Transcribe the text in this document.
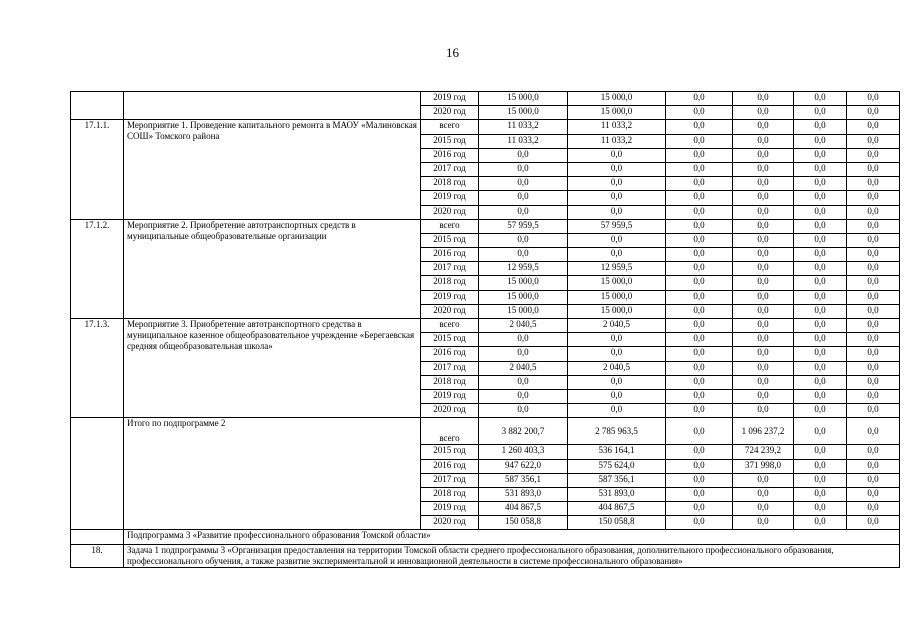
16
		2019 год	15 000,0	15 000,0	0,0	0,0	0,0	0,0
		2020 год	15 000,0	15 000,0	0,0	0,0	0,0	0,0
17.1.1.	Мероприятие 1. Проведение капитального ремонта в МАОУ «Малиновская СОШ» Томского района	всего	11 033,2	11 033,2	0,0	0,0	0,0	0,0
		2015 год	11 033,2	11 033,2	0,0	0,0	0,0	0,0
		2016 год	0,0	0,0	0,0	0,0	0,0	0,0
		2017 год	0,0	0,0	0,0	0,0	0,0	0,0
		2018 год	0,0	0,0	0,0	0,0	0,0	0,0
		2019 год	0,0	0,0	0,0	0,0	0,0	0,0
		2020 год	0,0	0,0	0,0	0,0	0,0	0,0
17.1.2.	Мероприятие 2. Приобретение автотранспортных средств в муниципальные общеобразовательные организации	всего	57 959,5	57 959,5	0,0	0,0	0,0	0,0
		2015 год	0,0	0,0	0,0	0,0	0,0	0,0
		2016 год	0,0	0,0	0,0	0,0	0,0	0,0
		2017 год	12 959,5	12 959,5	0,0	0,0	0,0	0,0
		2018 год	15 000,0	15 000,0	0,0	0,0	0,0	0,0
		2019 год	15 000,0	15 000,0	0,0	0,0	0,0	0,0
		2020 год	15 000,0	15 000,0	0,0	0,0	0,0	0,0
17.1.3.	Мероприятие 3. Приобретение автотранспортного средства в муниципальное казенное общеобразовательное учреждение «Берегаевская средняя общеобразовательная школа»	всего	2 040,5	2 040,5	0,0	0,0	0,0	0,0
		2015 год	0,0	0,0	0,0	0,0	0,0	0,0
		2016 год	0,0	0,0	0,0	0,0	0,0	0,0
		2017 год	2 040,5	2 040,5	0,0	0,0	0,0	0,0
		2018 год	0,0	0,0	0,0	0,0	0,0	0,0
		2019 год	0,0	0,0	0,0	0,0	0,0	0,0
		2020 год	0,0	0,0	0,0	0,0	0,0	0,0
	Итого по подпрограмме 2	всего	3 882 200,7	2 785 963,5	0,0	1 096 237,2	0,0	0,0
		2015 год	1 260 403,3	536 164,1	0,0	724 239,2	0,0	0,0
		2016 год	947 622,0	575 624,0	0,0	371 998,0	0,0	0,0
		2017 год	587 356,1	587 356,1	0,0	0,0	0,0	0,0
		2018 год	531 893,0	531 893,0	0,0	0,0	0,0	0,0
		2019 год	404 867,5	404 867,5	0,0	0,0	0,0	0,0
		2020 год	150 058,8	150 058,8	0,0	0,0	0,0	0,0
	Подпрограмма 3 «Развитие профессионального образования Томской области»							
18.	Задача 1 подпрограммы 3 «Организация предоставления на территории Томской области среднего профессионального образования, дополнительного профессионального образования, профессионального обучения, а также развитие экспериментальной и инновационной деятельности в системе профессионального образования»							
